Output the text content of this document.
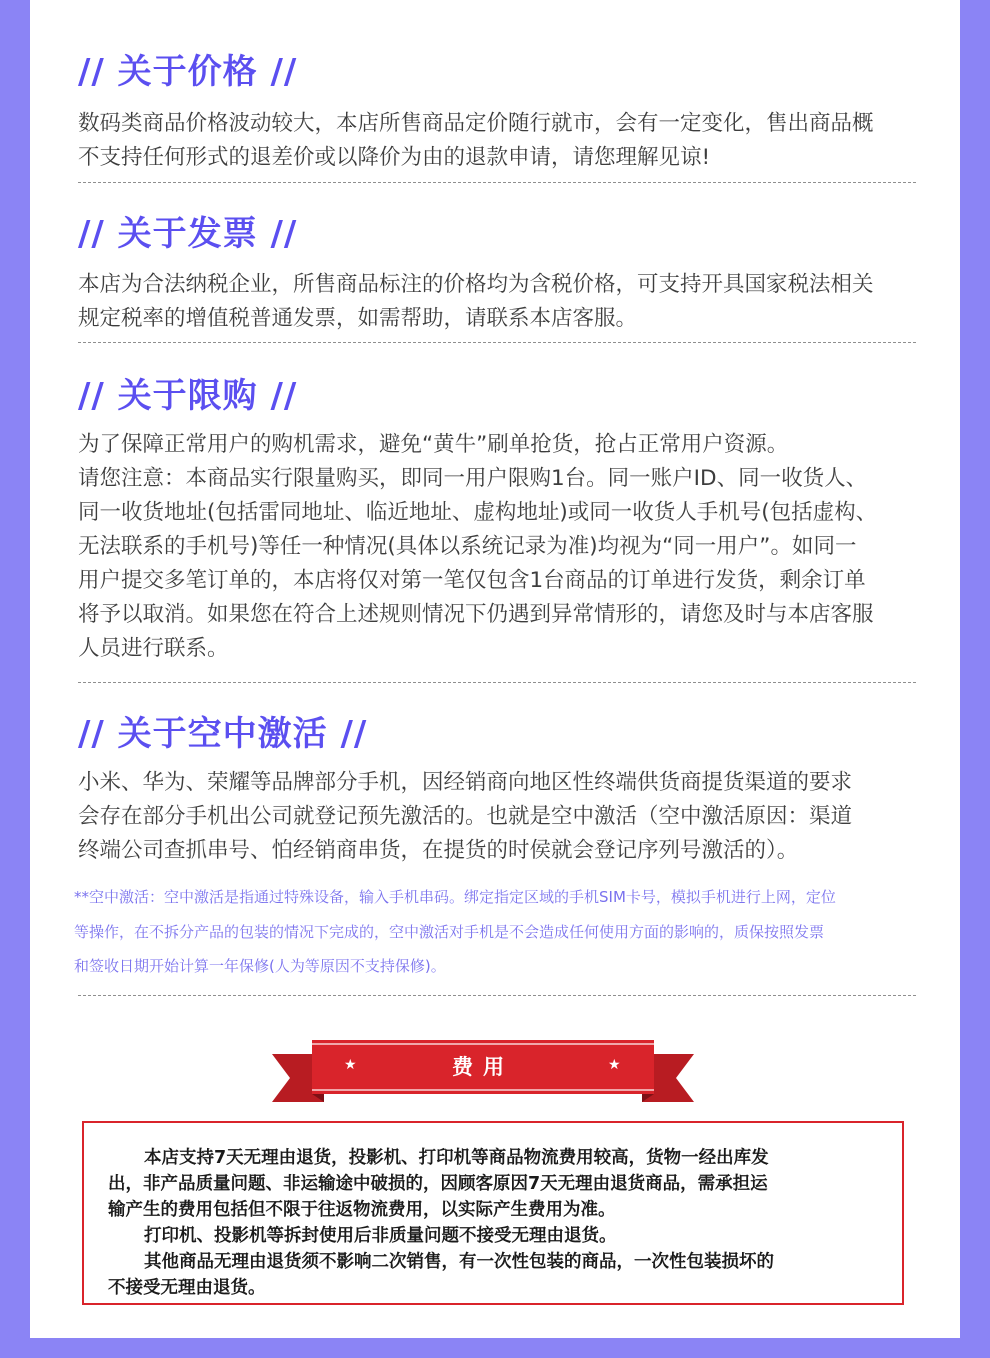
// 关于价格 //

数码类商品价格波动较大，本店所售商品定价随行就市，会有一定变化，售出商品概

不支持任何形式的退差价或以降价为由的退款申请，请您理解见谅!

// 关于发票 //

本店为合法纳税企业，所售商品标注的价格均为含税价格，可支持开具国家税法相关

规定税率的增值税普通发票，如需帮助，请联系本店客服。

// 关于限购 //

为了保障正常用户的购机需求，避免“黄牛”刷单抢货，抢占正常用户资源。

请您注意：本商品实行限量购买，即同一用户限购1台。同一账户ID、同一收货人、

同一收货地址(包括雷同地址、临近地址、虚构地址)或同一收货人手机号(包括虚构、

无法联系的手机号)等任一种情况(具体以系统记录为准)均视为“同一用户”。如同一

用户提交多笔订单的，本店将仅对第一笔仅包含1台商品的订单进行发货，剩余订单

将予以取消。如果您在符合上述规则情况下仍遇到异常情形的，请您及时与本店客服

人员进行联系。

// 关于空中激活 //

小米、华为、荣耀等品牌部分手机，因经销商向地区性终端供货商提货渠道的要求

会存在部分手机出公司就登记预先激活的。也就是空中激活（空中激活原因：渠道

终端公司查抓串号、怕经销商串货，在提货的时侯就会登记序列号激活的）。

**空中激活：空中激活是指通过特殊设备，输入手机串码。绑定指定区域的手机SIM卡号，模拟手机进行上网，定位

等操作，在不拆分产品的包装的情况下完成的，空中激活对手机是不会造成任何使用方面的影响的，质保按照发票

和签收日期开始计算一年保修(人为等原因不支持保修)。

★	★
费用

本店支持7天无理由退货，投影机、打印机等商品物流费用较高，货物一经出库发

出，非产品质量问题、非运输途中破损的，因顾客原因7天无理由退货商品，需承担运

输产生的费用包括但不限于往返物流费用，以实际产生费用为准。

打印机、投影机等拆封使用后非质量问题不接受无理由退货。

其他商品无理由退货须不影响二次销售，有一次性包装的商品，一次性包装损坏的

不接受无理由退货。
